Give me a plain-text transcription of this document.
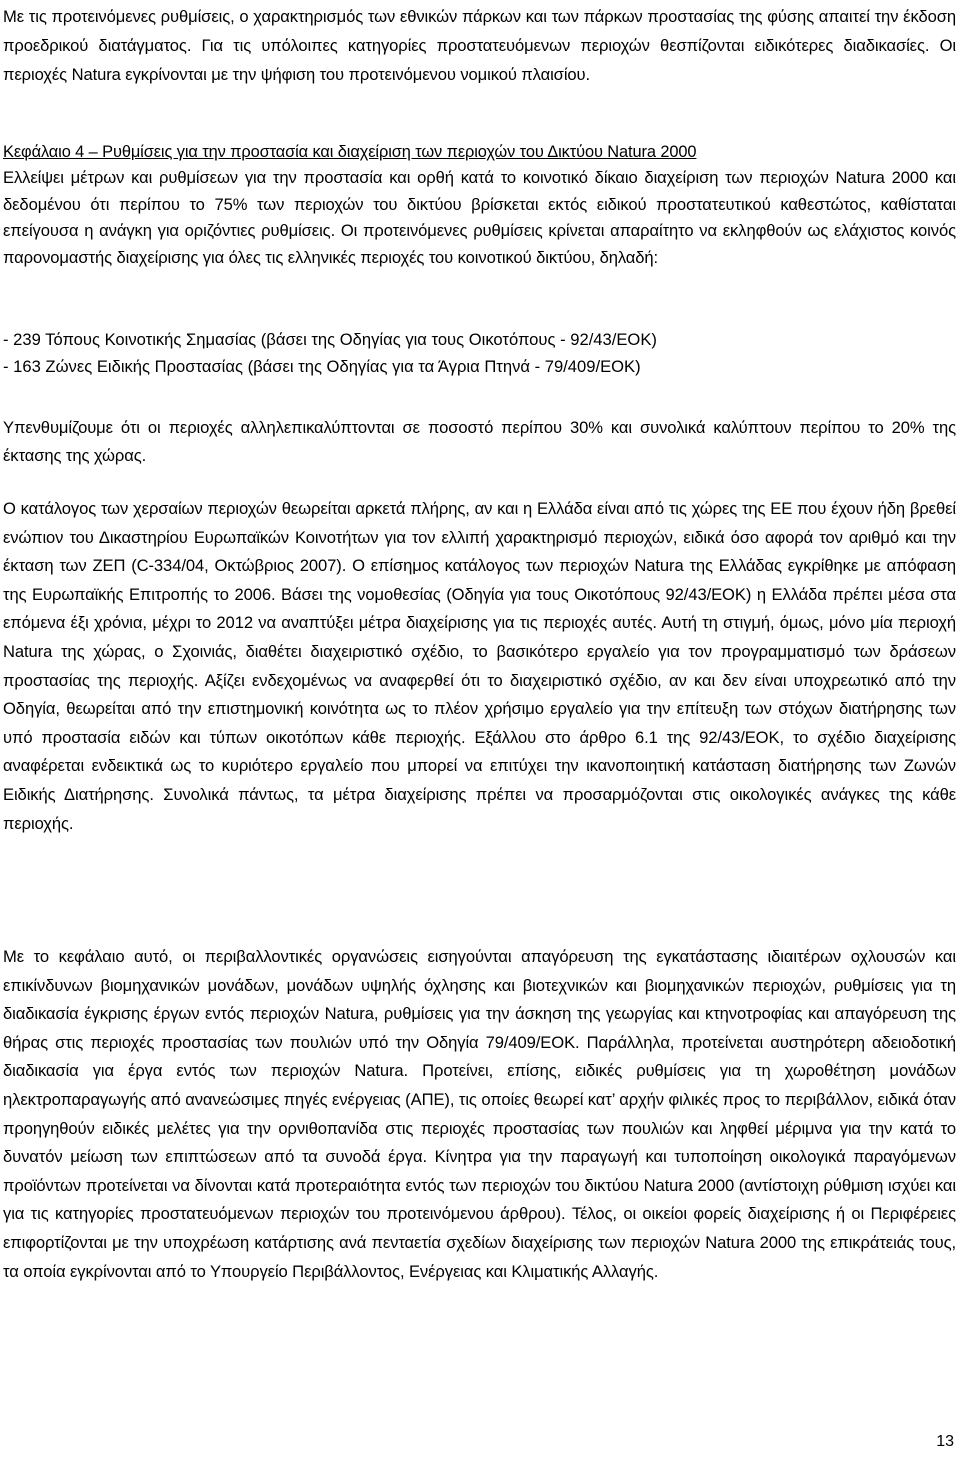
Με τις προτεινόμενες ρυθμίσεις, ο χαρακτηρισμός των εθνικών πάρκων και των πάρκων προστασίας της φύσης απαιτεί την έκδοση προεδρικού διατάγματος. Για τις υπόλοιπες κατηγορίες προστατευόμενων περιοχών θεσπίζονται ειδικότερες διαδικασίες. Οι περιοχές Natura εγκρίνονται με την ψήφιση του προτεινόμενου νομικού πλαισίου.

Κεφάλαιο 4 – Ρυθμίσεις για την προστασία και διαχείριση των περιοχών του Δικτύου Natura 2000

Ελλείψει μέτρων και ρυθμίσεων για την προστασία και ορθή κατά το κοινοτικό δίκαιο διαχείριση των περιοχών Natura 2000 και δεδομένου ότι περίπου το 75% των περιοχών του δικτύου βρίσκεται εκτός ειδικού προστατευτικού καθεστώτος, καθίσταται επείγουσα η ανάγκη για οριζόντιες ρυθμίσεις. Οι προτεινόμενες ρυθμίσεις κρίνεται απαραίτητο να εκληφθούν ως ελάχιστος κοινός παρονομαστής διαχείρισης για όλες τις ελληνικές περιοχές του κοινοτικού δικτύου, δηλαδή:

- 239 Τόπους Κοινοτικής Σημασίας (βάσει της Οδηγίας για τους Οικοτόπους - 92/43/ΕΟΚ)
- 163 Ζώνες Ειδικής Προστασίας (βάσει της Οδηγίας για τα Άγρια Πτηνά - 79/409/ΕΟΚ)

Υπενθυμίζουμε ότι οι περιοχές αλληλεπικαλύπτονται σε ποσοστό περίπου 30% και συνολικά καλύπτουν περίπου το 20% της έκτασης της χώρας.

Ο κατάλογος των χερσαίων περιοχών θεωρείται αρκετά πλήρης, αν και η Ελλάδα είναι από τις χώρες της ΕΕ που έχουν ήδη βρεθεί ενώπιον του Δικαστηρίου Ευρωπαϊκών Κοινοτήτων για τον ελλιπή χαρακτηρισμό περιοχών, ειδικά όσο αφορά τον αριθμό και την έκταση των ΖΕΠ (C-334/04, Οκτώβριος 2007). Ο επίσημος κατάλογος των περιοχών Natura της Ελλάδας εγκρίθηκε με απόφαση της Ευρωπαϊκής Επιτροπής το 2006. Βάσει της νομοθεσίας (Οδηγία για τους Οικοτόπους 92/43/ΕΟΚ) η Ελλάδα πρέπει μέσα στα επόμενα έξι χρόνια, μέχρι το 2012 να αναπτύξει μέτρα διαχείρισης για τις περιοχές αυτές. Αυτή τη στιγμή, όμως, μόνο μία περιοχή Natura της χώρας, ο Σχοινιάς, διαθέτει διαχειριστικό σχέδιο, το βασικότερο εργαλείο για τον προγραμματισμό των δράσεων προστασίας της περιοχής. Αξίζει ενδεχομένως να αναφερθεί ότι το διαχειριστικό σχέδιο, αν και δεν είναι υποχρεωτικό από την Οδηγία, θεωρείται από την επιστημονική κοινότητα ως το πλέον χρήσιμο εργαλείο για την επίτευξη των στόχων διατήρησης των υπό προστασία ειδών και τύπων οικοτόπων κάθε περιοχής. Εξάλλου στο άρθρο 6.1 της 92/43/ΕΟΚ, το σχέδιο διαχείρισης αναφέρεται ενδεικτικά ως το κυριότερο εργαλείο που μπορεί να επιτύχει την ικανοποιητική κατάσταση διατήρησης των Ζωνών Ειδικής Διατήρησης. Συνολικά πάντως, τα μέτρα διαχείρισης πρέπει να προσαρμόζονται στις οικολογικές ανάγκες της κάθε περιοχής.

Με το κεφάλαιο αυτό, οι περιβαλλοντικές οργανώσεις εισηγούνται απαγόρευση της εγκατάστασης ιδιαιτέρων οχλουσών και επικίνδυνων βιομηχανικών μονάδων, μονάδων υψηλής όχλησης και βιοτεχνικών και βιομηχανικών περιοχών, ρυθμίσεις για τη διαδικασία έγκρισης έργων εντός περιοχών Natura, ρυθμίσεις για την άσκηση της γεωργίας και κτηνοτροφίας και απαγόρευση της θήρας στις περιοχές προστασίας των πουλιών υπό την Οδηγία 79/409/ΕΟΚ. Παράλληλα, προτείνεται αυστηρότερη αδειοδοτική διαδικασία για έργα εντός των περιοχών Natura. Προτείνει, επίσης, ειδικές ρυθμίσεις για τη χωροθέτηση μονάδων ηλεκτροπαραγωγής από ανανεώσιμες πηγές ενέργειας (ΑΠΕ), τις οποίες θεωρεί κατ’ αρχήν φιλικές προς το περιβάλλον, ειδικά όταν προηγηθούν ειδικές μελέτες για την ορνιθοπανίδα στις περιοχές προστασίας των πουλιών και ληφθεί μέριμνα για την κατά το δυνατόν μείωση των επιπτώσεων από τα συνοδά έργα. Κίνητρα για την παραγωγή και τυποποίηση οικολογικά παραγόμενων προϊόντων προτείνεται να δίνονται κατά προτεραιότητα εντός των περιοχών του δικτύου Natura 2000 (αντίστοιχη ρύθμιση ισχύει και για τις κατηγορίες προστατευόμενων περιοχών του προτεινόμενου άρθρου). Τέλος, οι οικείοι φορείς διαχείρισης ή οι Περιφέρειες επιφορτίζονται με την υποχρέωση κατάρτισης ανά πενταετία σχεδίων διαχείρισης των περιοχών Natura 2000 της επικράτειάς τους, τα οποία εγκρίνονται από το Υπουργείο Περιβάλλοντος, Ενέργειας και Κλιματικής Αλλαγής.

13
